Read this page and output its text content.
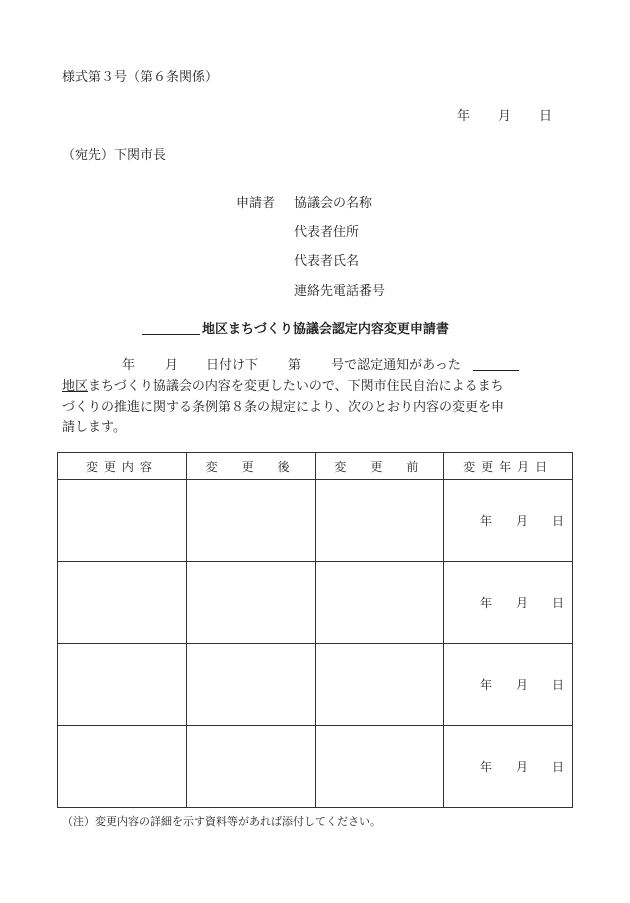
様式第３号（第６条関係）
年 月 日
（宛先）下関市長
申請者 協議会の名称
代表者住所
代表者氏名
連絡先電話番号
地区まちづくり協議会認定内容変更申請書
年 月 日付け下 第 号で認定通知があった
地区まちづくり協議会の内容を変更したいので、下関市住民自治によるまち
づくりの推進に関する条例第８条の規定により、次のとおり内容の変更を申
請します。
変更内容	変　更　後	変　更　前	変更年月日
			年 月 日
			年 月 日
			年 月 日
			年 月 日
（注）変更内容の詳細を示す資料等があれば添付してください。
